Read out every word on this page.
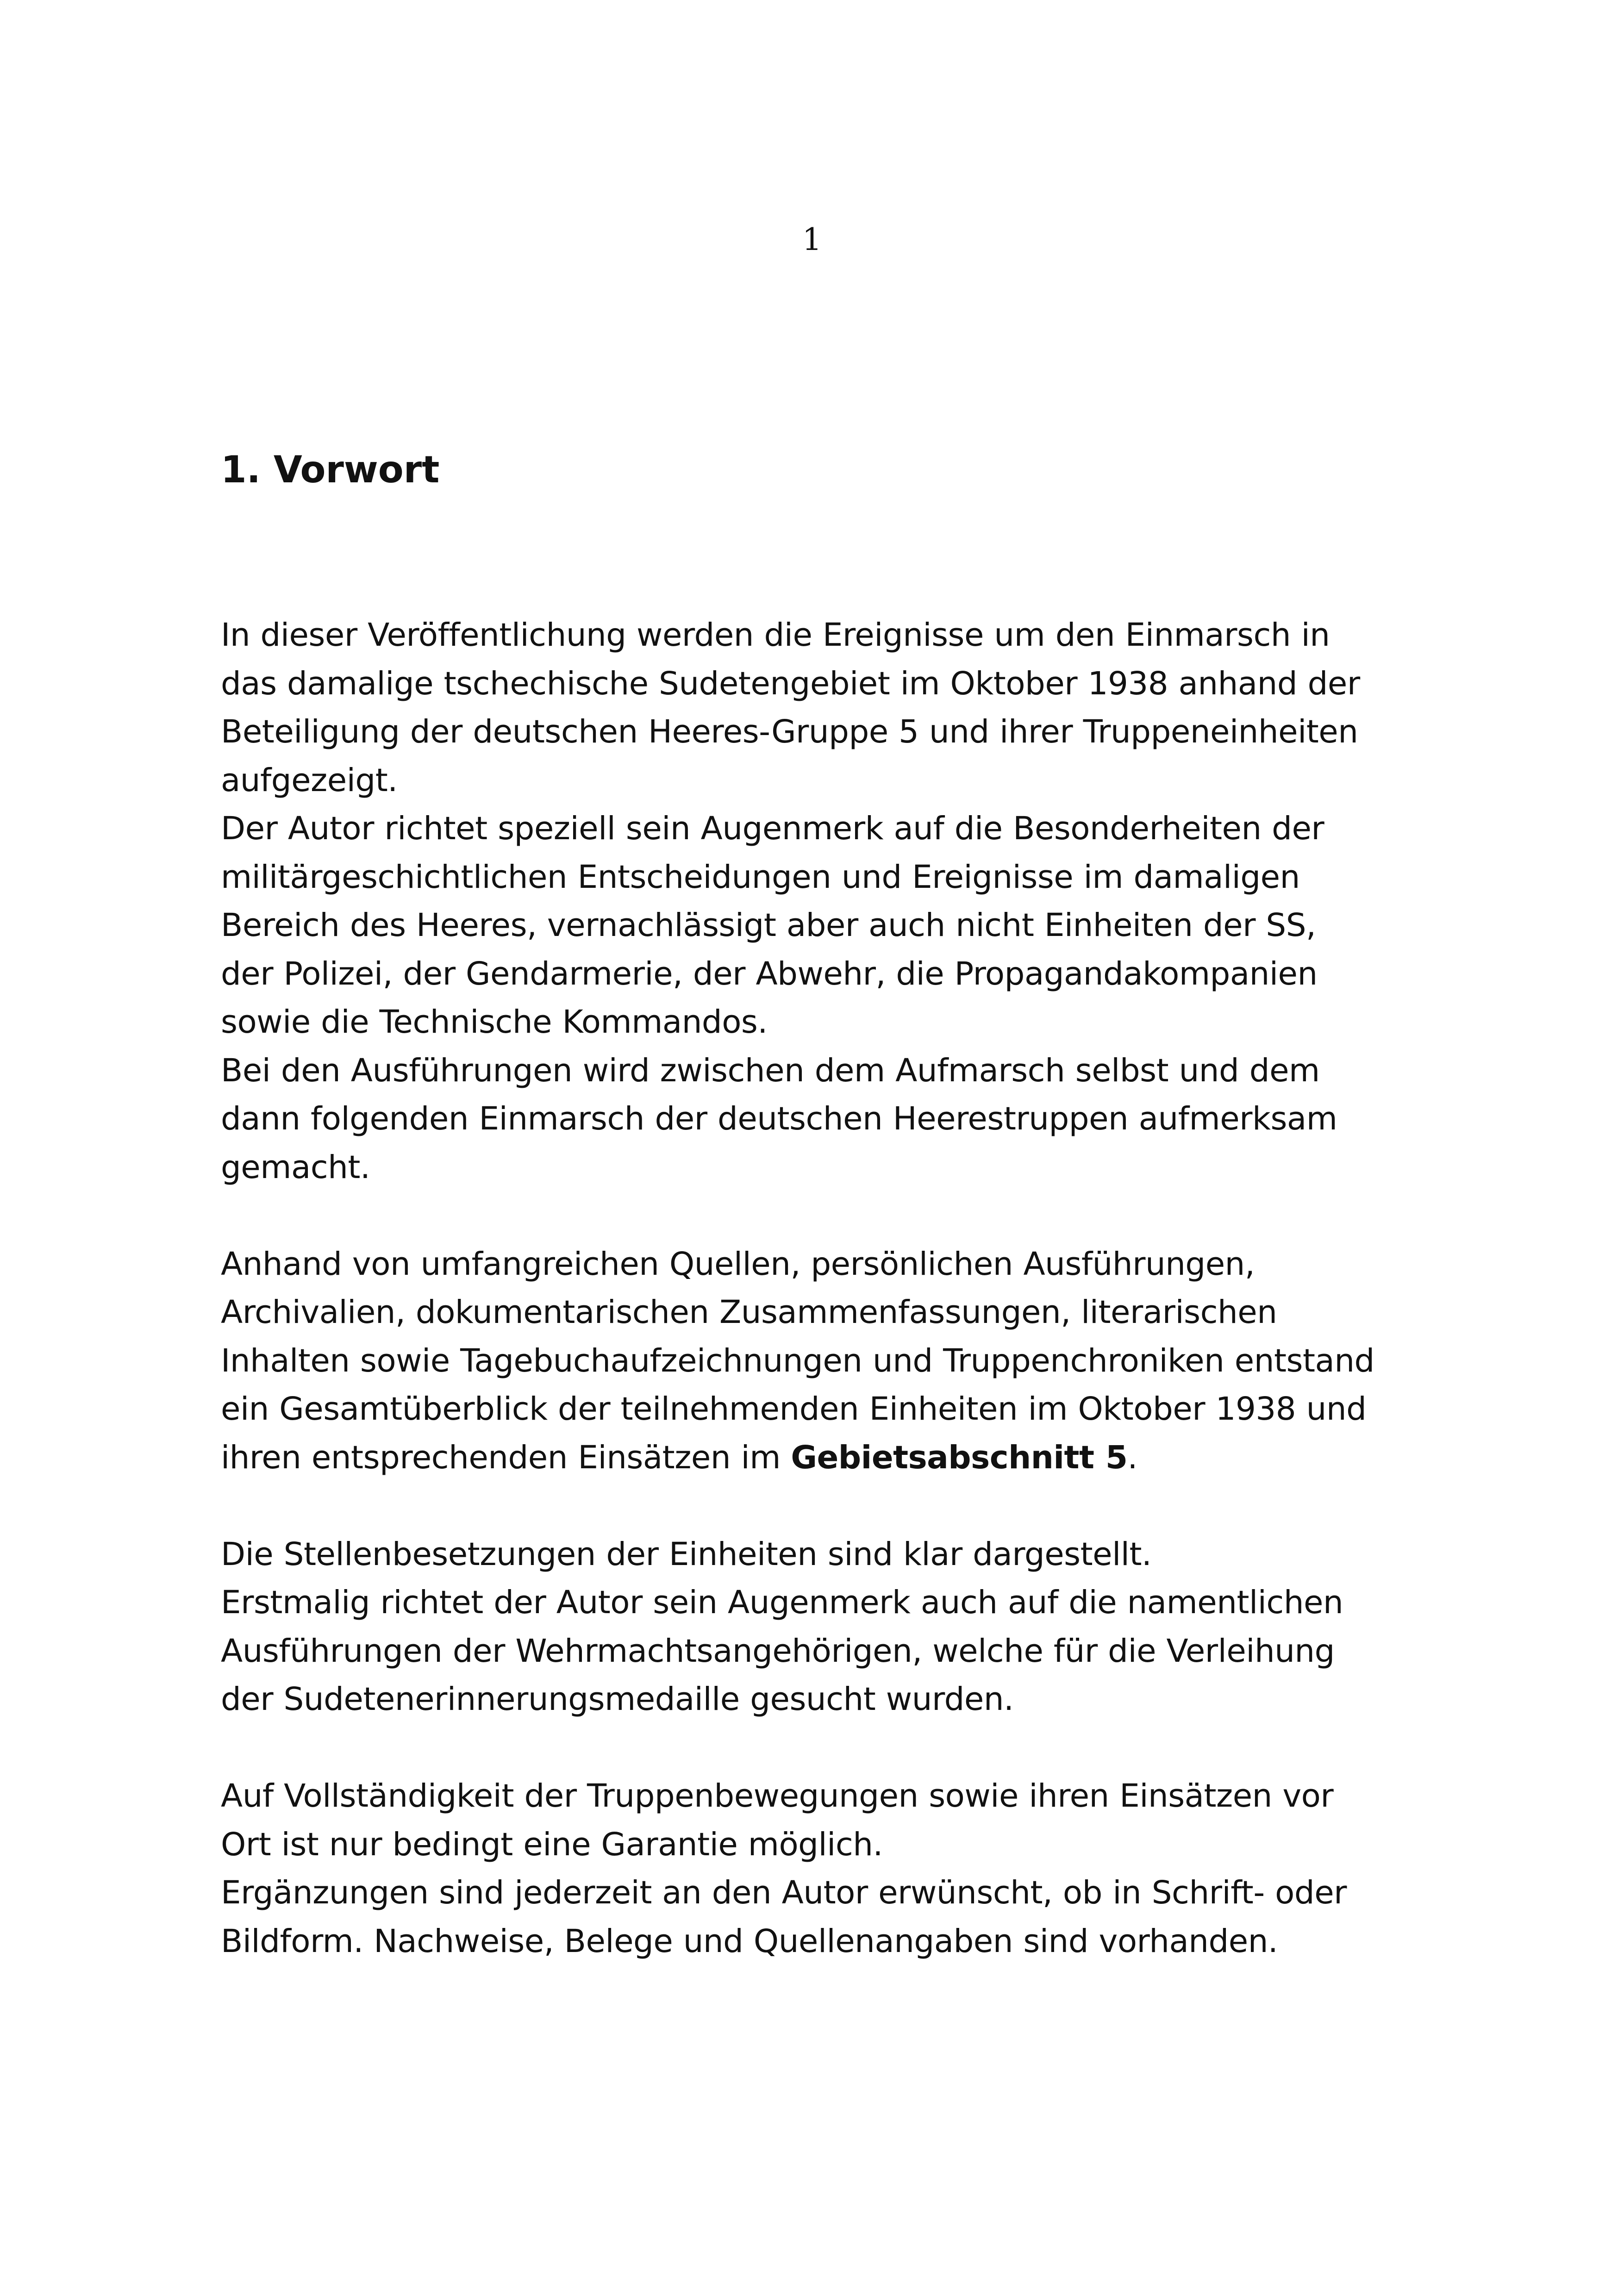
1
1. Vorwort
In dieser Veröffentlichung werden die Ereignisse um den Einmarsch in
das damalige tschechische Sudetengebiet im Oktober 1938 anhand der
Beteiligung der deutschen Heeres-Gruppe 5 und ihrer Truppeneinheiten
aufgezeigt.
Der Autor richtet speziell sein Augenmerk auf die Besonderheiten der
militärgeschichtlichen Entscheidungen und Ereignisse im damaligen
Bereich des Heeres, vernachlässigt aber auch nicht Einheiten der SS,
der Polizei, der Gendarmerie, der Abwehr, die Propagandakompanien
sowie die Technische Kommandos.
Bei den Ausführungen wird zwischen dem Aufmarsch selbst und dem
dann folgenden Einmarsch der deutschen Heerestruppen aufmerksam
gemacht.
Anhand von umfangreichen Quellen, persönlichen Ausführungen,
Archivalien, dokumentarischen Zusammenfassungen, literarischen
Inhalten sowie Tagebuchaufzeichnungen und Truppenchroniken entstand
ein Gesamtüberblick der teilnehmenden Einheiten im Oktober 1938 und
ihren entsprechenden Einsätzen im Gebietsabschnitt 5.
Die Stellenbesetzungen der Einheiten sind klar dargestellt.
Erstmalig richtet der Autor sein Augenmerk auch auf die namentlichen
Ausführungen der Wehrmachtsangehörigen, welche für die Verleihung
der Sudetenerinnerungsmedaille gesucht wurden.
Auf Vollständigkeit der Truppenbewegungen sowie ihren Einsätzen vor
Ort ist nur bedingt eine Garantie möglich.
Ergänzungen sind jederzeit an den Autor erwünscht, ob in Schrift- oder
Bildform. Nachweise, Belege und Quellenangaben sind vorhanden.
